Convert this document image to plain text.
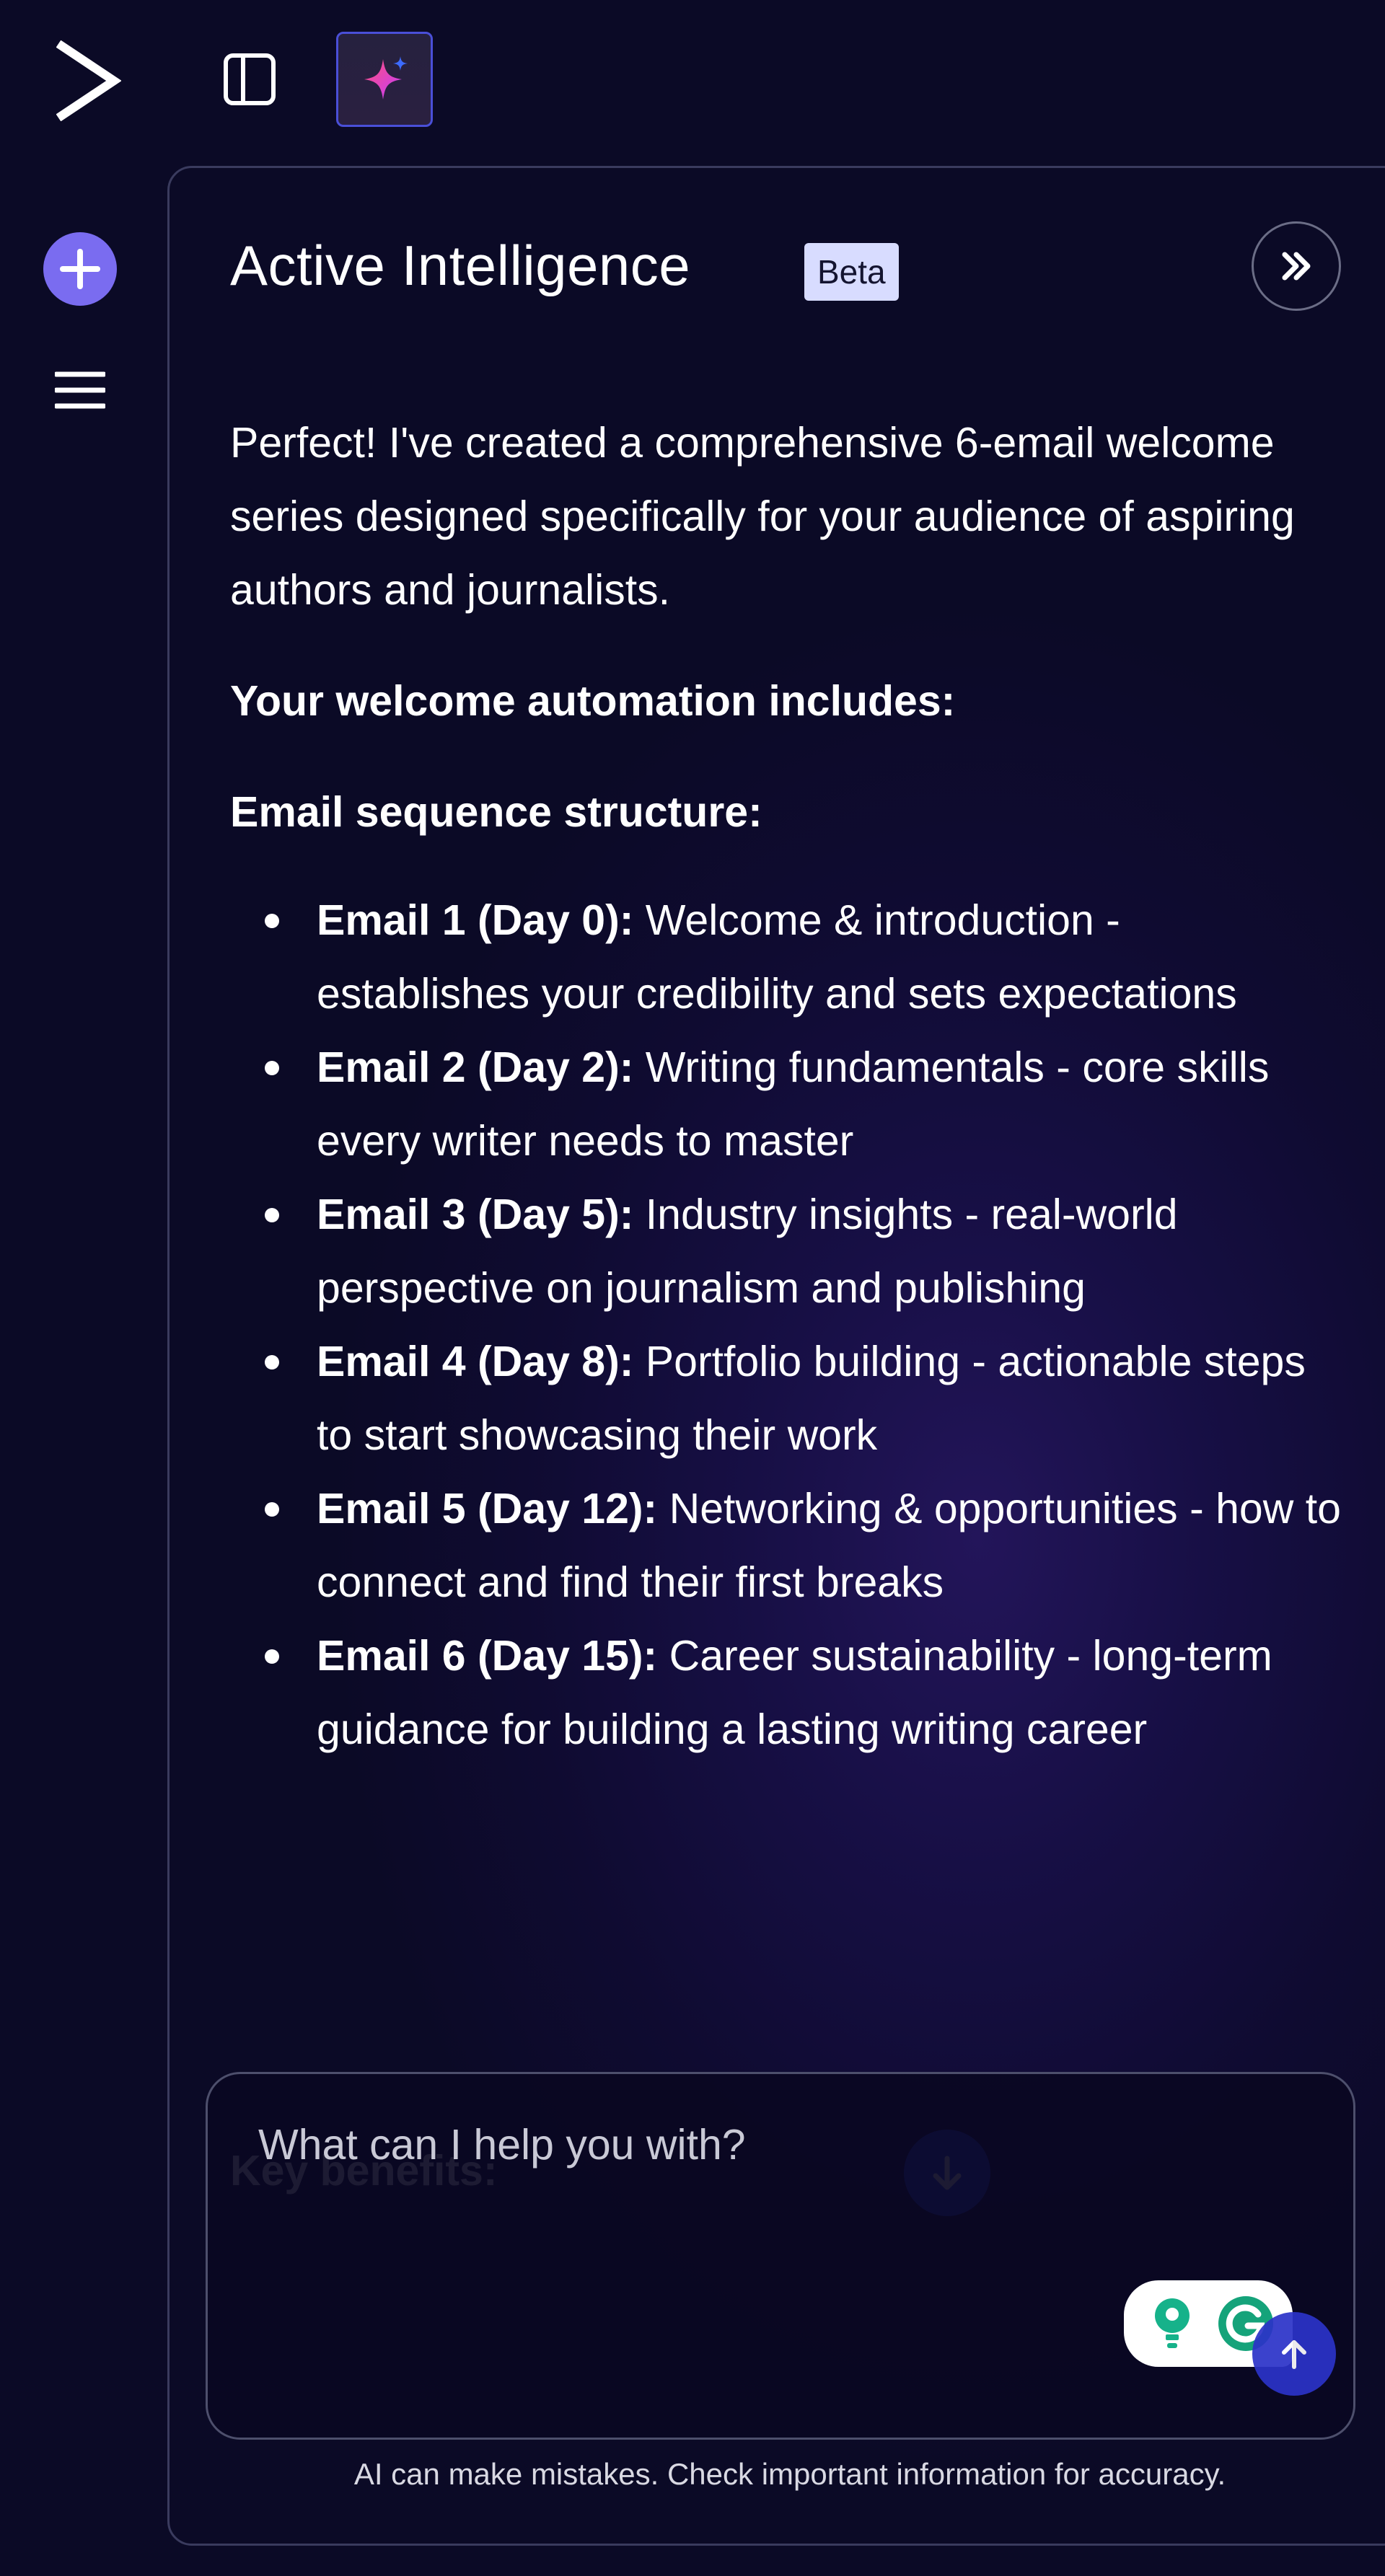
Active Intelligence	Beta

Perfect! I've created a comprehensive 6-email welcome series designed specifically for your audience of aspiring authors and journalists.

Your welcome automation includes:

Email sequence structure:

Email 1 (Day 0): Welcome & introduction - establishes your credibility and sets expectations
Email 2 (Day 2): Writing fundamentals - core skills every writer needs to master
Email 3 (Day 5): Industry insights - real-world perspective on journalism and publishing
Email 4 (Day 8): Portfolio building - actionable steps to start showcasing their work
Email 5 (Day 12): Networking & opportunities - how to connect and find their first breaks
Email 6 (Day 15): Career sustainability - long-term guidance for building a lasting writing career
What can I help you with?
AI can make mistakes. Check important information for accuracy.
